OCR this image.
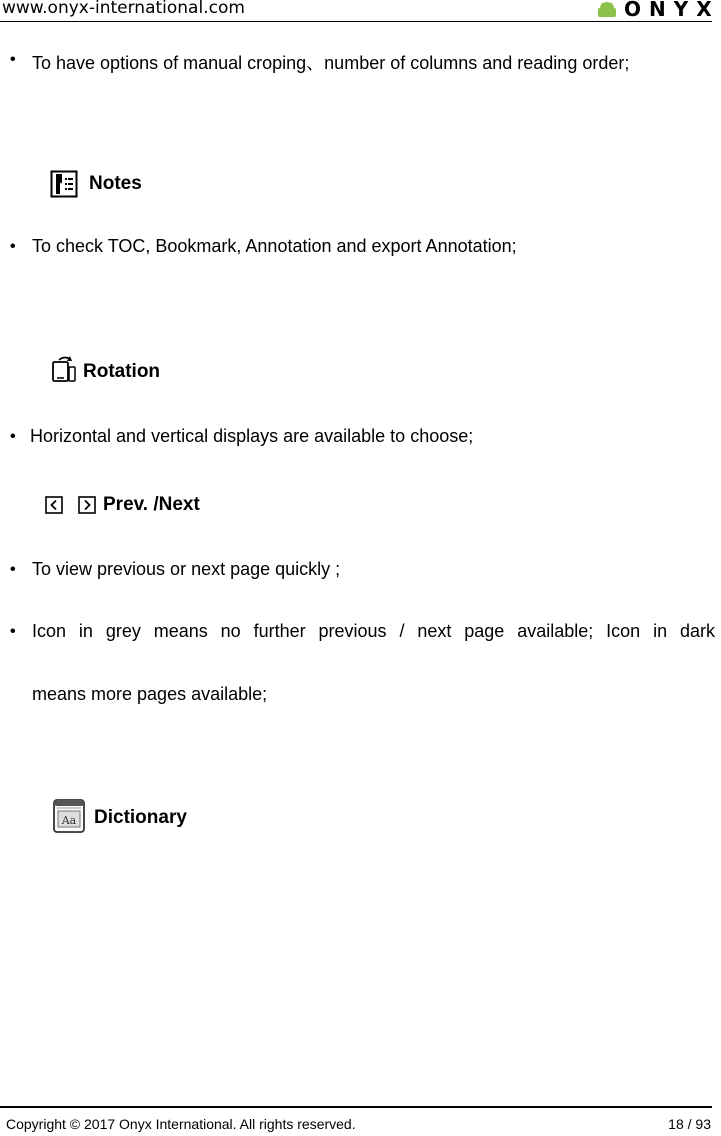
www.onyx-international.com	ONYX
• To have options of manual croping、number of columns and reading order;
Notes
• To check TOC, Bookmark, Annotation and export Annotation;
Rotation
• Horizontal and vertical displays are available to choose;
Prev. /Next
• To view previous or next page quickly ;
• Icon in grey means no further previous / next page available; Icon in dark
means more pages available;
Aa Dictionary
Copyright © 2017 Onyx International. All rights reserved.	18 / 93
